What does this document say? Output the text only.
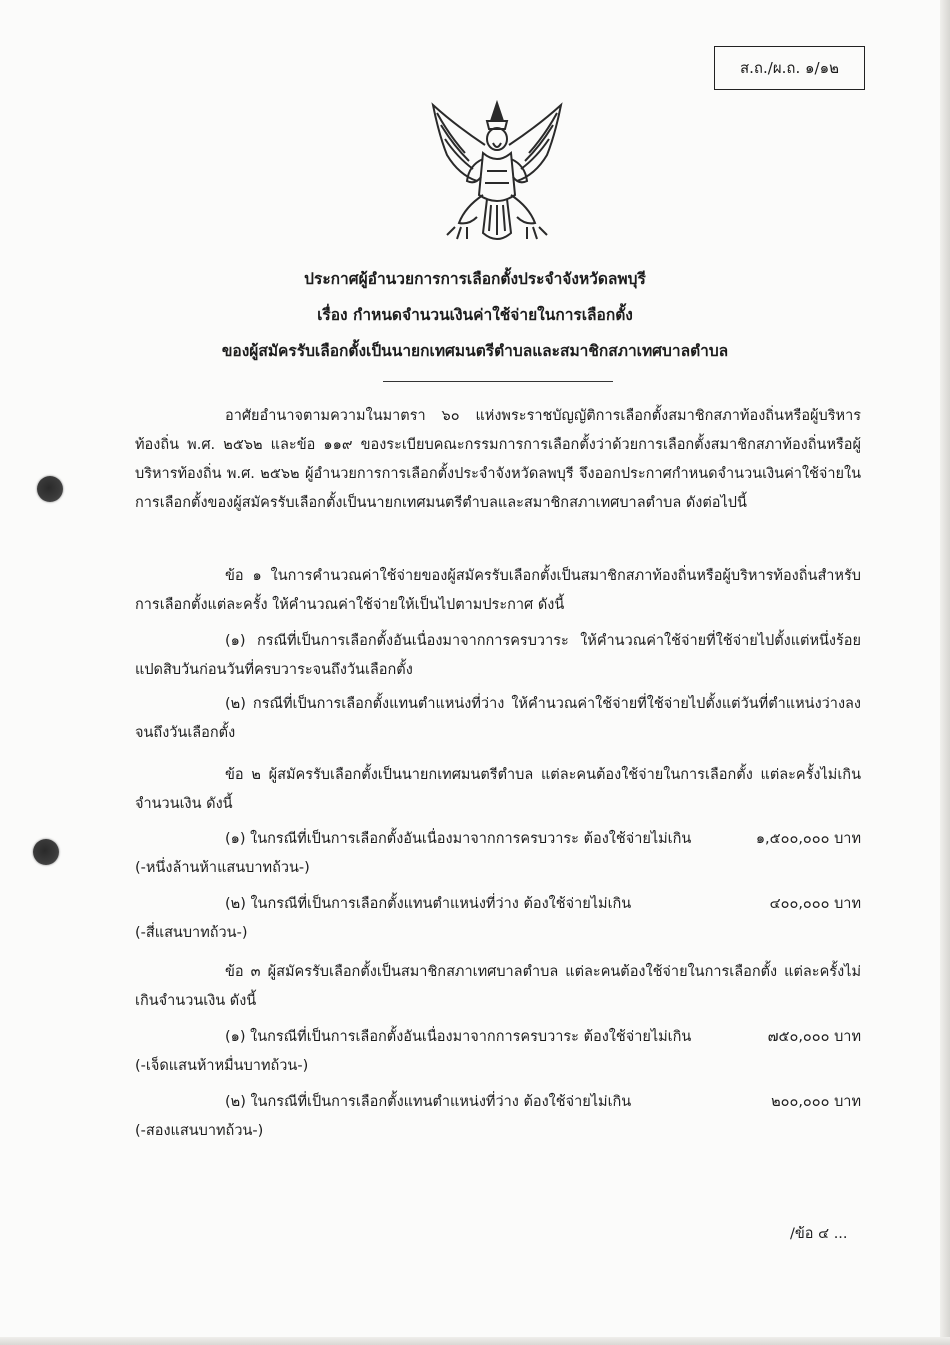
ส.ถ./ผ.ถ. ๑/๑๒
ประกาศผู้อำนวยการการเลือกตั้งประจำจังหวัดลพบุรี
เรื่อง กำหนดจำนวนเงินค่าใช้จ่ายในการเลือกตั้ง
ของผู้สมัครรับเลือกตั้งเป็นนายกเทศมนตรีตำบลและสมาชิกสภาเทศบาลตำบล
อาศัยอำนาจตามความในมาตรา ๖๐ แห่งพระราชบัญญัติการเลือกตั้งสมาชิกสภาท้องถิ่นหรือผู้บริหารท้องถิ่น พ.ศ. ๒๕๖๒ และข้อ ๑๑๙ ของระเบียบคณะกรรมการการเลือกตั้งว่าด้วยการเลือกตั้งสมาชิกสภาท้องถิ่นหรือผู้บริหารท้องถิ่น พ.ศ. ๒๕๖๒ ผู้อำนวยการการเลือกตั้งประจำจังหวัดลพบุรี จึงออกประกาศกำหนดจำนวนเงินค่าใช้จ่ายในการเลือกตั้งของผู้สมัครรับเลือกตั้งเป็นนายกเทศมนตรีตำบลและสมาชิกสภาเทศบาลตำบล ดังต่อไปนี้
ข้อ ๑ ในการคำนวณค่าใช้จ่ายของผู้สมัครรับเลือกตั้งเป็นสมาชิกสภาท้องถิ่นหรือผู้บริหารท้องถิ่นสำหรับการเลือกตั้งแต่ละครั้ง ให้คำนวณค่าใช้จ่ายให้เป็นไปตามประกาศ ดังนี้
(๑) กรณีที่เป็นการเลือกตั้งอันเนื่องมาจากการครบวาระ ให้คำนวณค่าใช้จ่ายที่ใช้จ่ายไปตั้งแต่หนึ่งร้อยแปดสิบวันก่อนวันที่ครบวาระจนถึงวันเลือกตั้ง
(๒) กรณีที่เป็นการเลือกตั้งแทนตำแหน่งที่ว่าง ให้คำนวณค่าใช้จ่ายที่ใช้จ่ายไปตั้งแต่วันที่ตำแหน่งว่างลงจนถึงวันเลือกตั้ง
ข้อ ๒ ผู้สมัครรับเลือกตั้งเป็นนายกเทศมนตรีตำบล แต่ละคนต้องใช้จ่ายในการเลือกตั้ง แต่ละครั้งไม่เกินจำนวนเงิน ดังนี้
(๑) ในกรณีที่เป็นการเลือกตั้งอันเนื่องมาจากการครบวาระ ต้องใช้จ่ายไม่เกิน	๑,๕๐๐,๐๐๐ บาท
(-หนึ่งล้านห้าแสนบาทถ้วน-)
(๒) ในกรณีที่เป็นการเลือกตั้งแทนตำแหน่งที่ว่าง ต้องใช้จ่ายไม่เกิน	๔๐๐,๐๐๐ บาท
(-สี่แสนบาทถ้วน-)
ข้อ ๓ ผู้สมัครรับเลือกตั้งเป็นสมาชิกสภาเทศบาลตำบล แต่ละคนต้องใช้จ่ายในการเลือกตั้ง แต่ละครั้งไม่เกินจำนวนเงิน ดังนี้
(๑) ในกรณีที่เป็นการเลือกตั้งอันเนื่องมาจากการครบวาระ ต้องใช้จ่ายไม่เกิน	๗๕๐,๐๐๐ บาท
(-เจ็ดแสนห้าหมื่นบาทถ้วน-)
(๒) ในกรณีที่เป็นการเลือกตั้งแทนตำแหน่งที่ว่าง ต้องใช้จ่ายไม่เกิน	๒๐๐,๐๐๐ บาท
(-สองแสนบาทถ้วน-)
/ข้อ ๔ ...
